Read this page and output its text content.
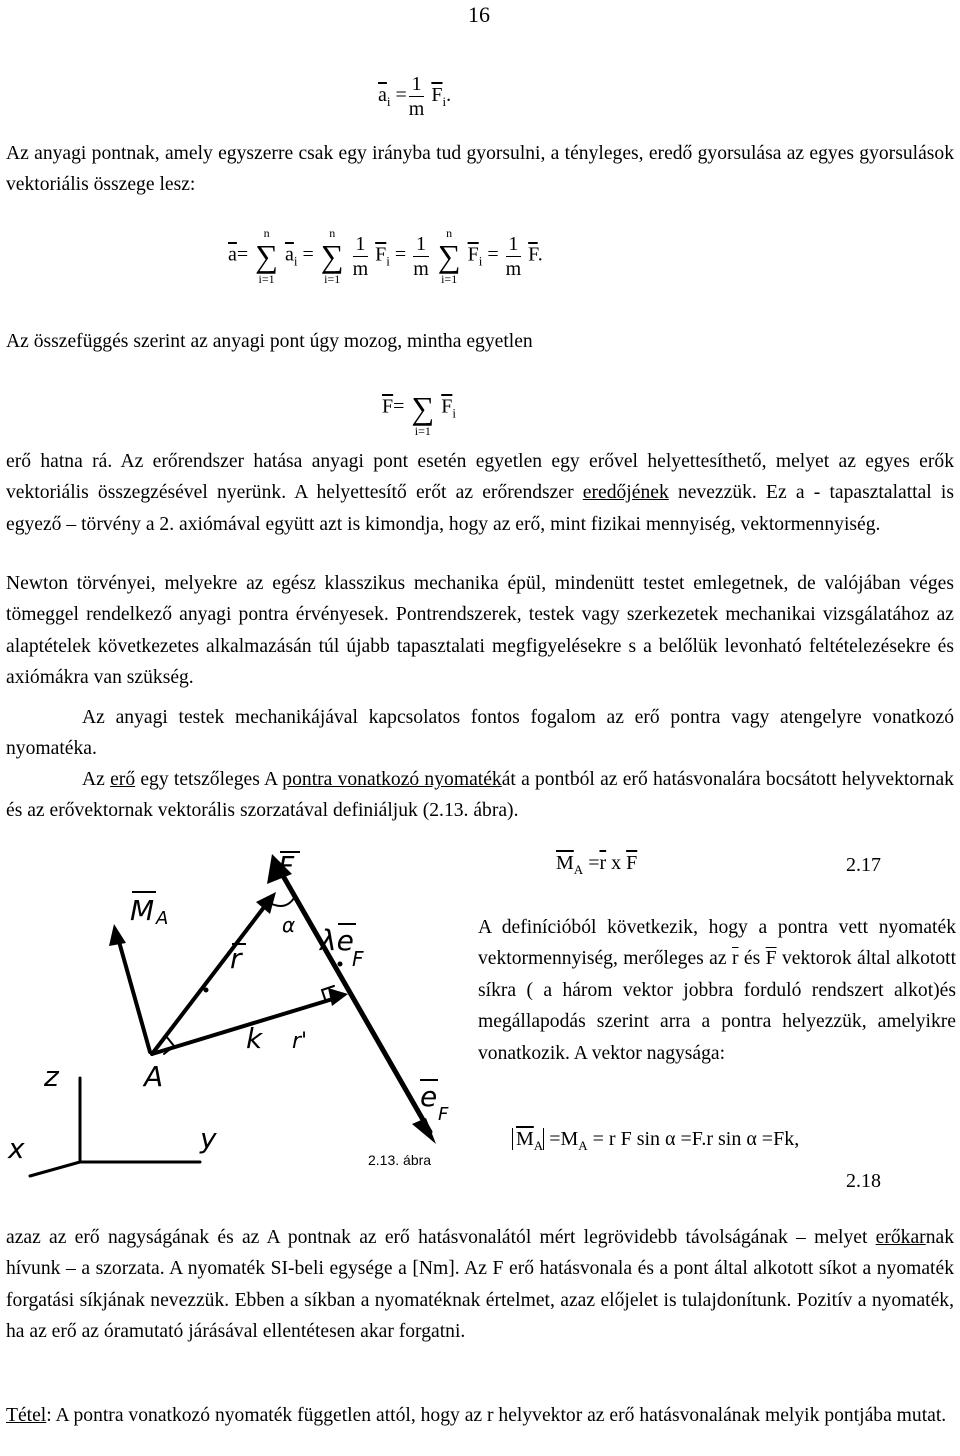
16
$\overline{a}_i = \frac{1}{m} \overline{F}_i$.

Az anyagi pontnak, amely egyszerre csak egy irányba tud gyorsulni, a tényleges, eredő gyorsulása az egyes gyorsulások vektoriális összege lesz:

$\overline{a}=$
n
∑
i=1
$\overline{a}_i$ =
n
∑
i=1
$\frac{1}{m} \overline{F}_i = \frac{1}{m}$
	n
∑
i=1
$\overline{F}_i = \frac{1}{m} \overline{F}$.

Az összefüggés szerint az anyagi pont úgy mozog, mintha egyetlen

$\overline{F}=$
∑
i=1
$\overline{F}_i$

erő hatna rá. Az erőrendszer hatása anyagi pont esetén egyetlen egy erővel helyettesíthető, melyet az egyes erők vektoriális összegzésével nyerünk. A helyettesítő erőt az erőrendszer eredőjének nevezzük. Ez a - tapasztalattal is egyező – törvény a 2. axiómával együtt azt is kimondja, hogy az erő, mint fizikai mennyiség, vektormennyiség.

Newton törvényei, melyekre az egész klasszikus mechanika épül, mindenütt testet emlegetnek, de valójában véges tömeggel rendelkező anyagi pontra érvényesek. Pontrendszerek, testek vagy szerkezetek mechanikai vizsgálatához az alaptételek következetes alkalmazásán túl újabb tapasztalati megfigyelésekre s a belőlük levonható feltételezésekre és axiómákra van szükség.

Az anyagi testek mechanikájával kapcsolatos fontos fogalom az erő pontra vagy atengelyre vonatkozó nyomatéka.

Az erő egy tetszőleges A pontra vonatkozó nyomatékát a pontból az erő hatásvonalára bocsátott helyvektornak és az erővektornak vektorális szorzatával definiáljuk (2.13. ábra).

F
α
M A
r
λe
F
z
k r'
A
e
F
x	y
2.13. ábra
$\overline{M}_A =\overline{r}$ x $\overline{F}$	2.17

A definícióból következik, hogy a pontra vett nyomaték vektormennyiség, merőleges az $\overline{r}$ és $\overline{F}$ vektorok által alkotott síkra ( a három vektor jobbra forduló rendszert alkot)és megállapodás szerint arra a pontra helyezzük, amelyikre vonatkozik. A vektor nagysága:

$\overline{M}_A =M_A = r$ F sin α =F.r sin α =Fk,
2.18

azaz az erő nagyságának és az A pontnak az erő hatásvonalától mért legrövidebb távolságának – melyet erőkarnak hívunk – a szorzata. A nyomaték SI-beli egysége a [Nm]. Az F erő hatásvonala és a pont által alkotott síkot a nyomaték forgatási síkjának nevezzük. Ebben a síkban a nyomatéknak értelmet, azaz előjelet is tulajdonítunk. Pozitív a nyomaték, ha az erő az óramutató járásával ellentétesen akar forgatni.

Tétel: A pontra vonatkozó nyomaték független attól, hogy az r helyvektor az erő hatásvonalának melyik pontjába mutat.
